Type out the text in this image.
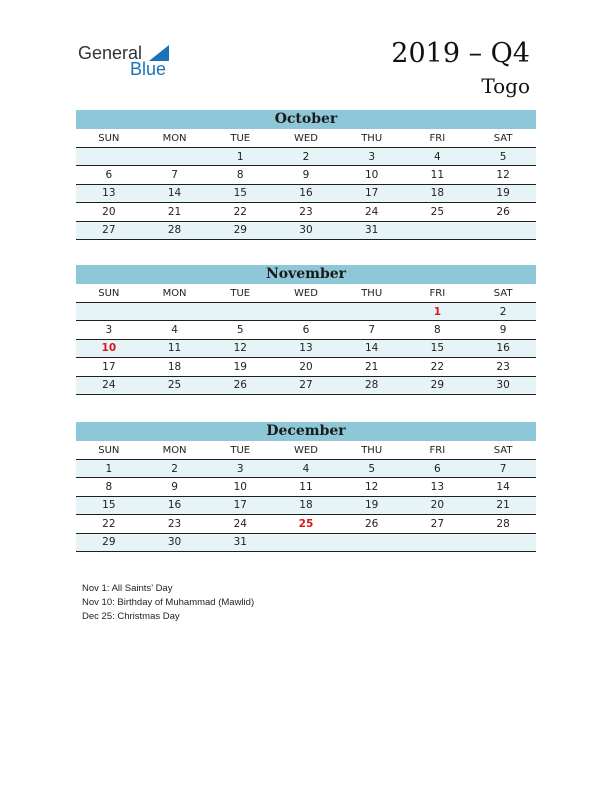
General
Blue	2019 – Q4
Togo
October
SUN	MON	TUE	WED	THU	FRI	SAT
		1	2	3	4	5
6	7	8	9	10	11	12
13	14	15	16	17	18	19
20	21	22	23	24	25	26
27	28	29	30	31		
November
SUN	MON	TUE	WED	THU	FRI	SAT
					1	2
3	4	5	6	7	8	9
10	11	12	13	14	15	16
17	18	19	20	21	22	23
24	25	26	27	28	29	30
December
SUN	MON	TUE	WED	THU	FRI	SAT
1	2	3	4	5	6	7
8	9	10	11	12	13	14
15	16	17	18	19	20	21
22	23	24	25	26	27	28
29	30	31				
Nov 1: All Saints’ Day
Nov 10: Birthday of Muhammad (Mawlid)
Dec 25: Christmas Day
